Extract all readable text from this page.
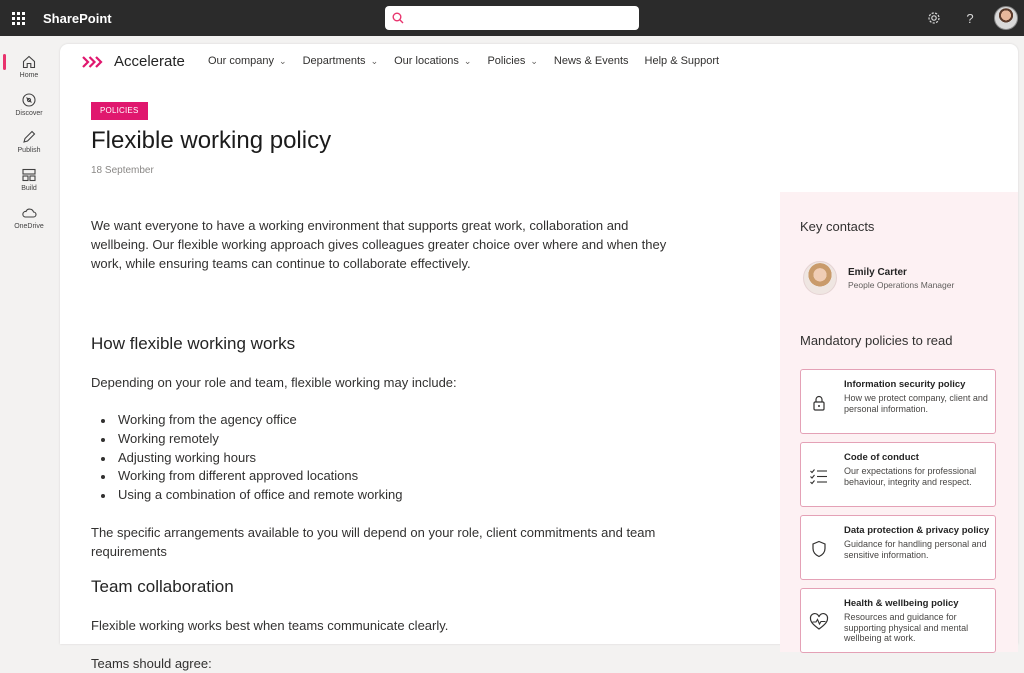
SharePoint	?
Home
Discover
Publish
Build
OneDrive
Accelerate Our company ⌄ Departments ⌄ Our locations ⌄ Policies ⌄ News & Events Help & Support
POLICIES
Flexible working policy
18 September

We want everyone to have a working environment that supports great work, collaboration and wellbeing. Our flexible working approach gives colleagues greater choice over where and when they work, while ensuring teams can continue to collaborate effectively.

How flexible working works

Depending on your role and team, flexible working may include:

Working from the agency office
Working remotely
Adjusting working hours
Working from different approved locations
Using a combination of office and remote working

The specific arrangements available to you will depend on your role, client commitments and team requirements

Team collaboration

Flexible working works best when teams communicate clearly.

Teams should agree:

Key contacts
Emily Carter
People Operations Manager
Mandatory policies to read
Information security policy
How we protect company, client and personal information.
Code of conduct
Our expectations for professional behaviour, integrity and respect.
Data protection & privacy policy
Guidance for handling personal and sensitive information.
Health & wellbeing policy
Resources and guidance for supporting physical and mental wellbeing at work.
